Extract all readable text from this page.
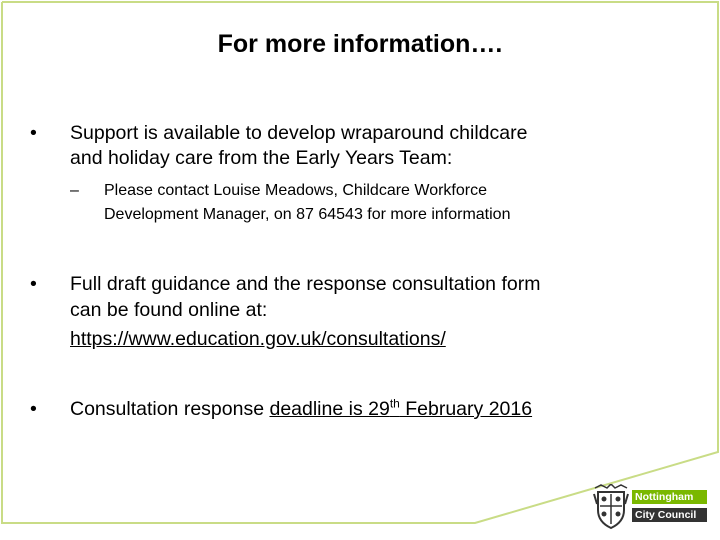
For more information….
• Support is available to develop wraparound childcare
and holiday care from the Early Years Team:
– Please contact Louise Meadows, Childcare Workforce
Development Manager, on 87 64543 for more information
• Full draft guidance and the response consultation form
can be found online at:
https://www.education.gov.uk/consultations/
• Consultation response deadline is 29th February 2016
Nottingham
City Council
